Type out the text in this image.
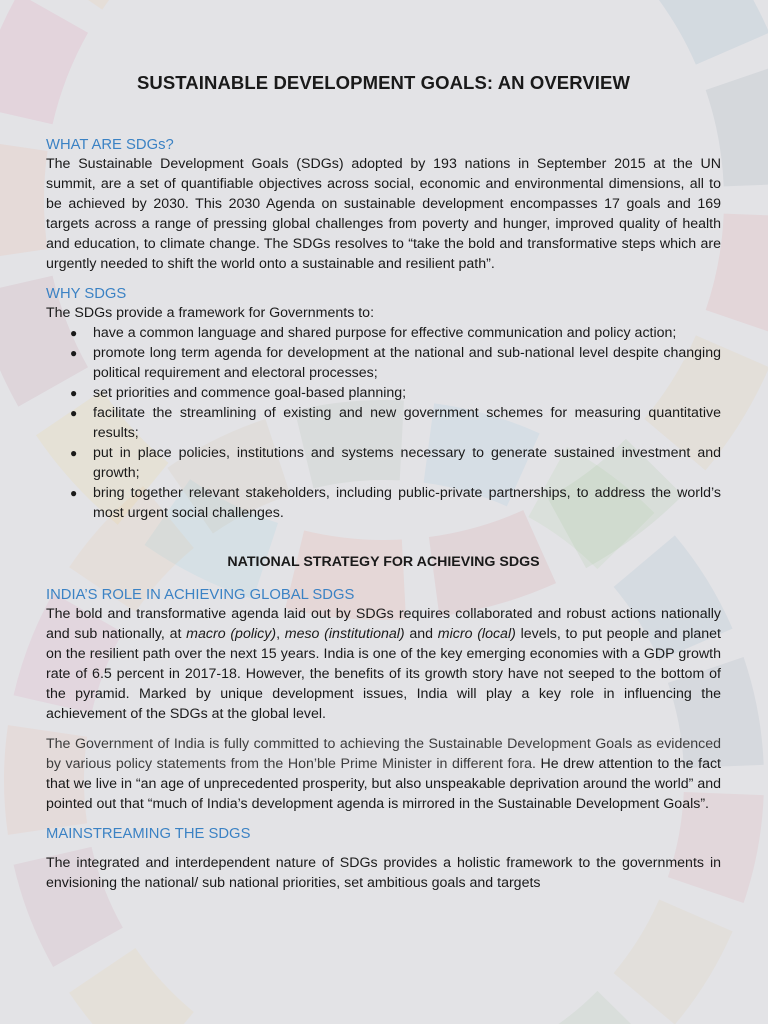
SUSTAINABLE DEVELOPMENT GOALS: AN OVERVIEW
WHAT ARE SDGs?

The Sustainable Development Goals (SDGs) adopted by 193 nations in September 2015 at the UN summit, are a set of quantifiable objectives across social, economic and environmental dimensions, all to be achieved by 2030. This 2030 Agenda on sustainable development encompasses 17 goals and 169 targets across a range of pressing global challenges from poverty and hunger, improved quality of health and education, to climate change. The SDGs resolves to “take the bold and transformative steps which are urgently needed to shift the world onto a sustainable and resilient path”.

WHY SDGS

The SDGs provide a framework for Governments to:

● have a common language and shared purpose for effective communication and policy action;
● promote long term agenda for development at the national and sub-national level despite changing political requirement and electoral processes;
● set priorities and commence goal-based planning;
● facilitate the streamlining of existing and new government schemes for measuring quantitative results;
● put in place policies, institutions and systems necessary to generate sustained investment and growth;
● bring together relevant stakeholders, including public-private partnerships, to address the world’s most urgent social challenges.
NATIONAL STRATEGY FOR ACHIEVING SDGS
INDIA’S ROLE IN ACHIEVING GLOBAL SDGS

The bold and transformative agenda laid out by SDGs requires collaborated and robust actions nationally and sub nationally, at macro (policy), meso (institutional) and micro (local) levels, to put people and planet on the resilient path over the next 15 years. India is one of the key emerging economies with a GDP growth rate of 6.5 percent in 2017-18. However, the benefits of its growth story have not seeped to the bottom of the pyramid. Marked by unique development issues, India will play a key role in influencing the achievement of the SDGs at the global level.

The Government of India is fully committed to achieving the Sustainable Development Goals as evidenced by various policy statements from the Hon’ble Prime Minister in different fora. He drew attention to the fact that we live in “an age of unprecedented prosperity, but also unspeakable deprivation around the world” and pointed out that “much of India’s development agenda is mirrored in the Sustainable Development Goals”.

MAINSTREAMING THE SDGS

The integrated and interdependent nature of SDGs provides a holistic framework to the governments in envisioning the national/ sub national priorities, set ambitious goals and targets
